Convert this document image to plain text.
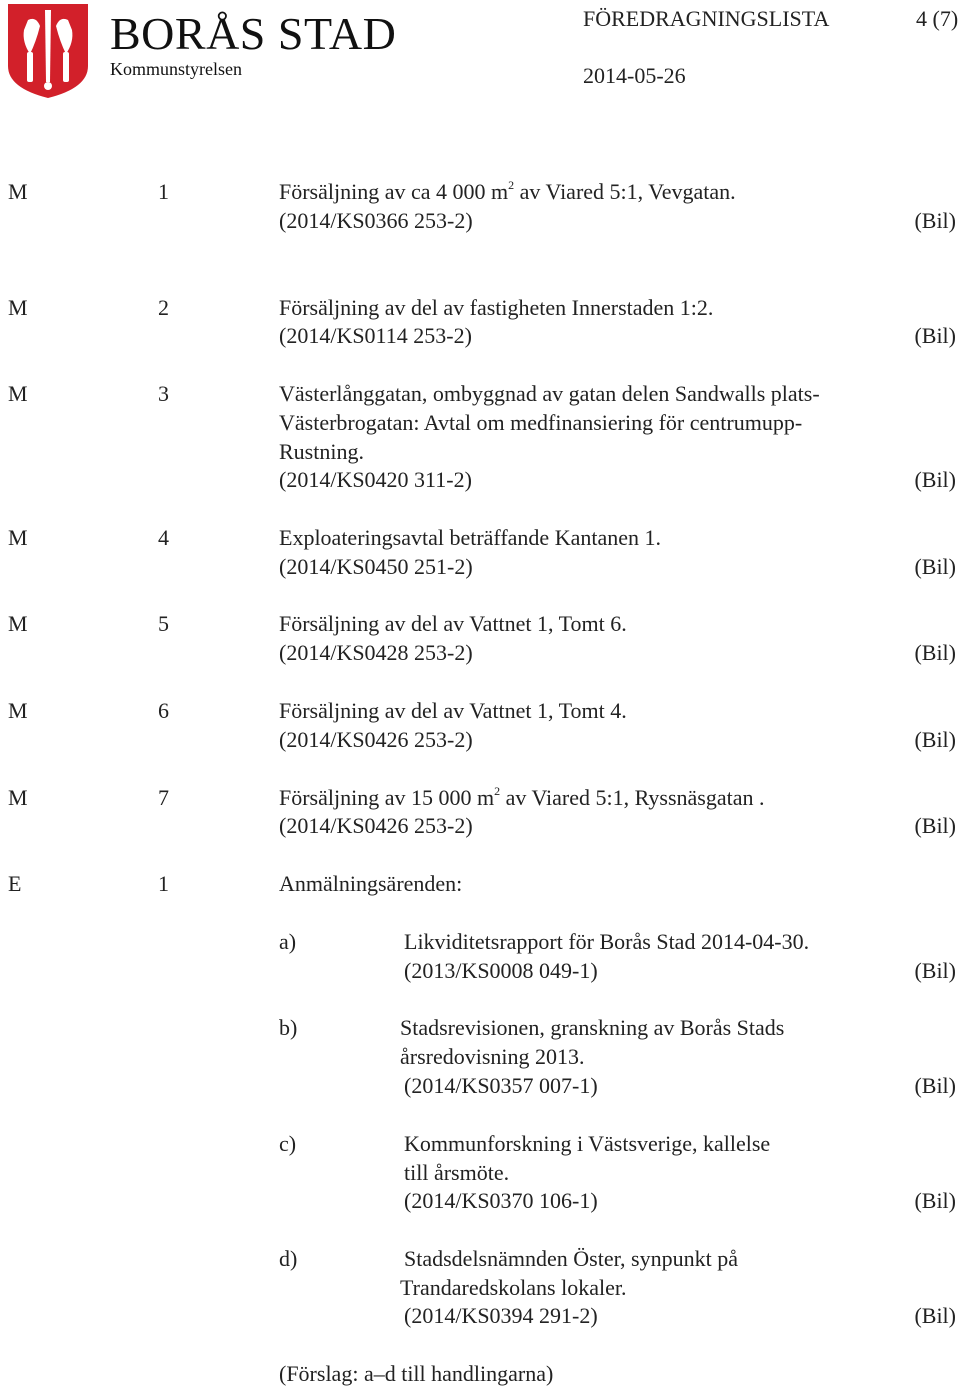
BORÅS STAD
Kommunstyrelsen
FÖREDRAGNINGSLISTA	4 (7)
2014-05-26
M	1	Försäljning av ca 4 000 $m^2$ av Viared 5:1, Vevgatan.
(2014/KS0366 253-2)	(Bil)
M	2	Försäljning av del av fastigheten Innerstaden 1:2.
(2014/KS0114 253-2)	(Bil)
M	3	Västerlånggatan, ombyggnad av gatan delen Sandwalls plats-
Västerbrogatan: Avtal om medfinansiering för centrumupp-
Rustning.
(2014/KS0420 311-2)	(Bil)
M	4	Exploateringsavtal beträffande Kantanen 1.
(2014/KS0450 251-2)	(Bil)
M	5	Försäljning av del av Vattnet 1, Tomt 6.
(2014/KS0428 253-2)	(Bil)
M	6	Försäljning av del av Vattnet 1, Tomt 4.
(2014/KS0426 253-2)	(Bil)
M	7	Försäljning av 15 000 $m^2$ av Viared 5:1, Ryssnäsgatan .
(2014/KS0426 253-2)	(Bil)
E	1	Anmälningsärenden:
a)	Likviditetsrapport för Borås Stad 2014-04-30.
(2013/KS0008 049-1)	(Bil)
b)	Stadsrevisionen, granskning av Borås Stads
årsredovisning 2013.
(2014/KS0357 007-1)	(Bil)
c)	Kommunforskning i Västsverige, kallelse
till årsmöte.
(2014/KS0370 106-1)	(Bil)
d)	Stadsdelsnämnden Öster, synpunkt på
Trandaredskolans lokaler.
(2014/KS0394 291-2)	(Bil)
(Förslag: a–d till handlingarna)
